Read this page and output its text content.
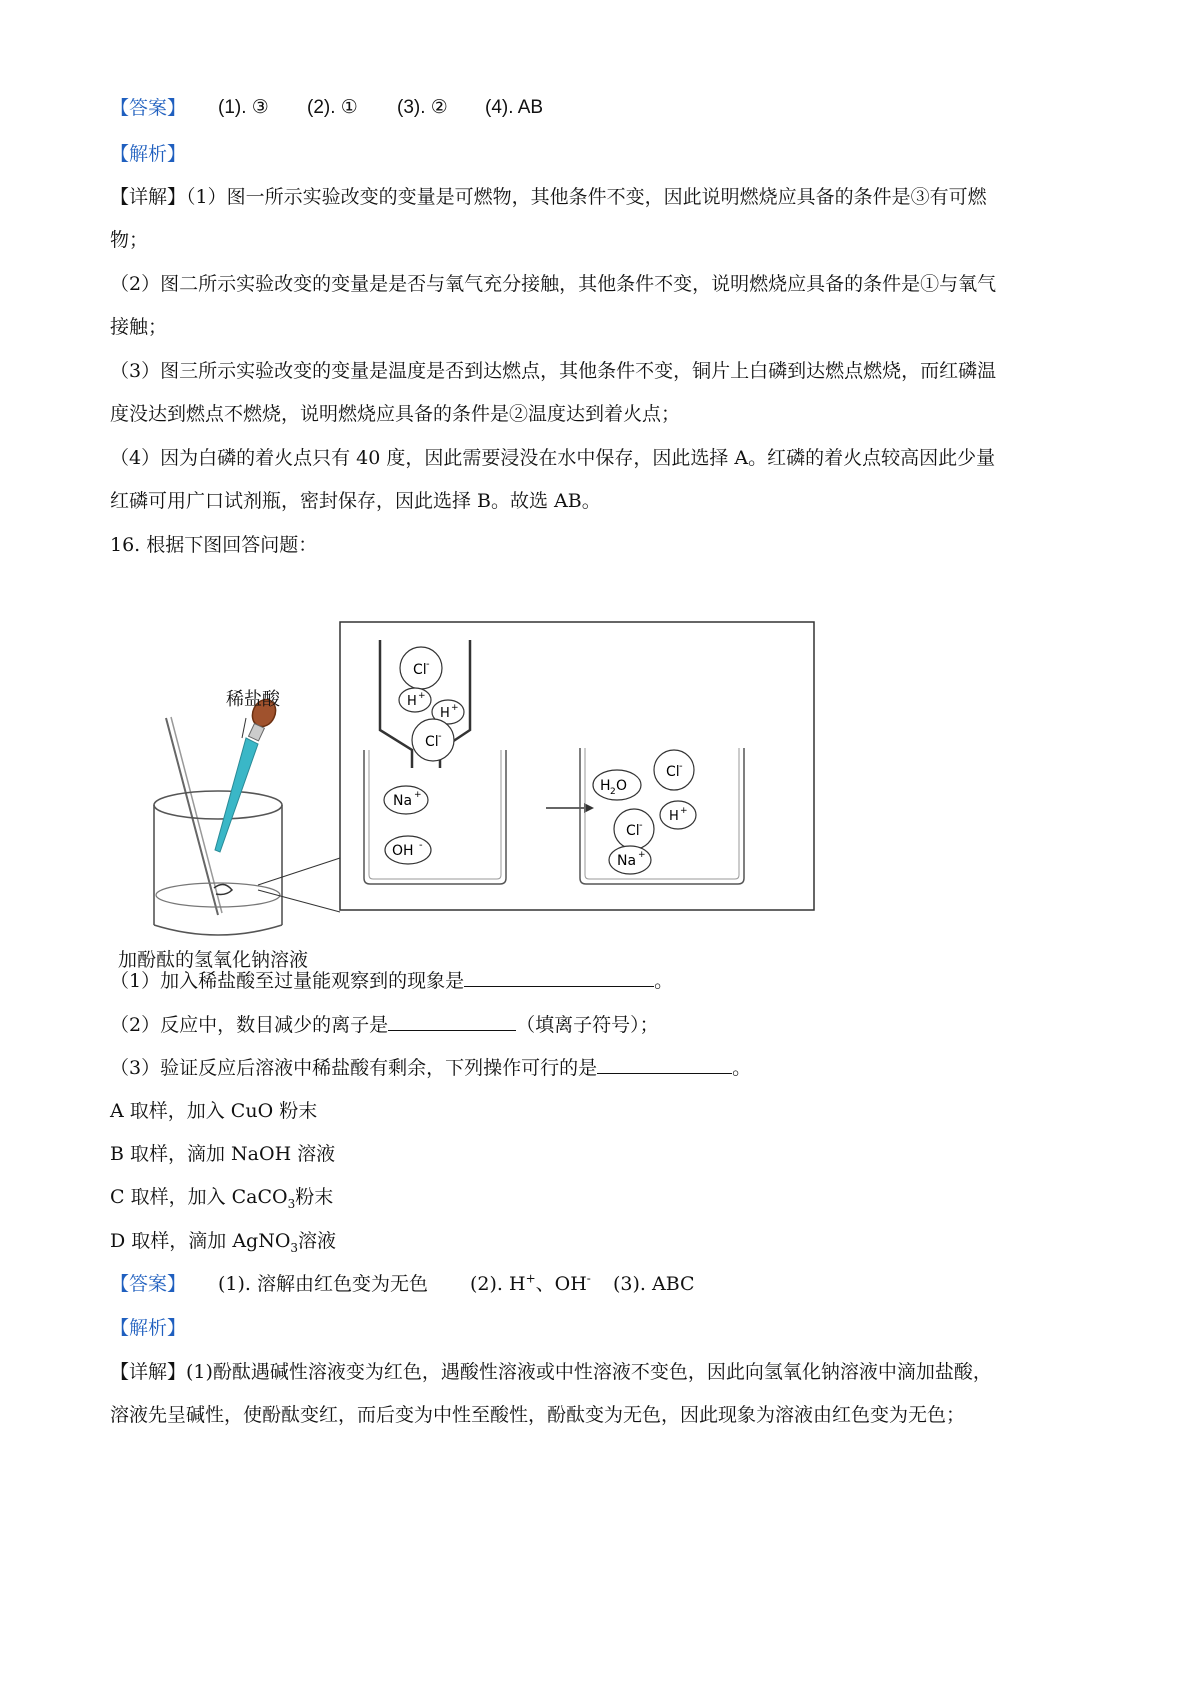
【答案】 (1). ③ (2). ① (3). ② (4). AB
【解析】
【详解】（1）图一所示实验改变的变量是可燃物，其他条件不变，因此说明燃烧应具备的条件是③有可燃
物；
（2）图二所示实验改变的变量是是否与氧气充分接触，其他条件不变，说明燃烧应具备的条件是①与氧气
接触；
（3）图三所示实验改变的变量是温度是否到达燃点，其他条件不变，铜片上白磷到达燃点燃烧，而红磷温
度没达到燃点不燃烧，说明燃烧应具备的条件是②温度达到着火点；
（4）因为白磷的着火点只有 40 度，因此需要浸没在水中保存，因此选择 A。红磷的着火点较高因此少量
红磷可用广口试剂瓶，密封保存，因此选择 B。故选 AB。
16. 根据下图回答问题：
稀盐酸
Cl -
H +
H +
Cl -
Na +
OH -
H 2 O
Cl -
H +
Cl -
Na +
加酚酞的氢氧化钠溶液
（1）加入稀盐酸至过量能观察到的现象是	。
（2）反应中，数目减少的离子是	（填离子符号）；
（3）验证反应后溶液中稀盐酸有剩余，下列操作可行的是	。
A 取样，加入 CuO 粉末
B 取样，滴加 NaOH 溶液
C 取样，加入 CaCO$_3$粉末
D 取样，滴加 AgNO$_3$溶液
【答案】 (1). 溶解由红色变为无色 (2). H+、OH- (3). ABC
【解析】
【详解】(1)酚酞遇碱性溶液变为红色，遇酸性溶液或中性溶液不变色，因此向氢氧化钠溶液中滴加盐酸，
溶液先呈碱性，使酚酞变红，而后变为中性至酸性，酚酞变为无色，因此现象为溶液由红色变为无色；
